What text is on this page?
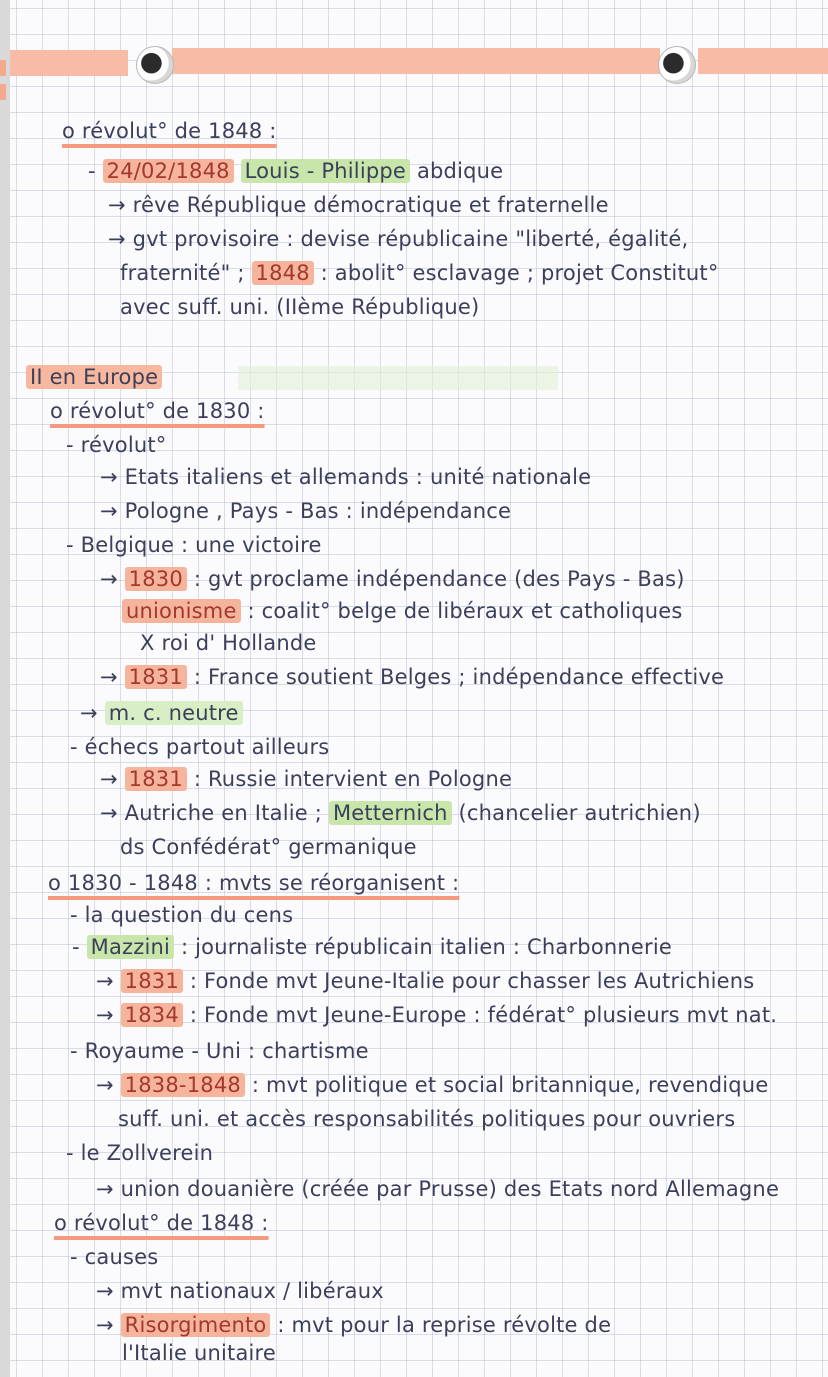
o révolut° de 1848 :
- 24/02/1848 Louis - Philippe abdique
→ rêve République démocratique et fraternelle
→ gvt provisoire : devise républicaine "liberté, égalité,
fraternité" ; 1848 : abolit° esclavage ; projet Constitut°
avec suff. uni. (IIème République)
II en Europe
o révolut° de 1830 :
- révolut°
→ Etats italiens et allemands : unité nationale
→ Pologne , Pays - Bas : indépendance
- Belgique : une victoire
→ 1830 : gvt proclame indépendance (des Pays - Bas)
unionisme : coalit° belge de libéraux et catholiques
X roi d' Hollande
→ 1831 : France soutient Belges ; indépendance effective
→ m. c. neutre
- échecs partout ailleurs
→ 1831 : Russie intervient en Pologne
→ Autriche en Italie ; Metternich (chancelier autrichien)
ds Confédérat° germanique
o 1830 - 1848 : mvts se réorganisent :
- la question du cens
- Mazzini : journaliste républicain italien : Charbonnerie
→ 1831 : Fonde mvt Jeune-Italie pour chasser les Autrichiens
→ 1834 : Fonde mvt Jeune-Europe : fédérat° plusieurs mvt nat.
- Royaume - Uni : chartisme
→ 1838-1848 : mvt politique et social britannique, revendique
suff. uni. et accès responsabilités politiques pour ouvriers
- le Zollverein
→ union douanière (créée par Prusse) des Etats nord Allemagne
o révolut° de 1848 :
- causes
→ mvt nationaux / libéraux
→ Risorgimento : mvt pour la reprise révolte de
l'Italie unitaire
